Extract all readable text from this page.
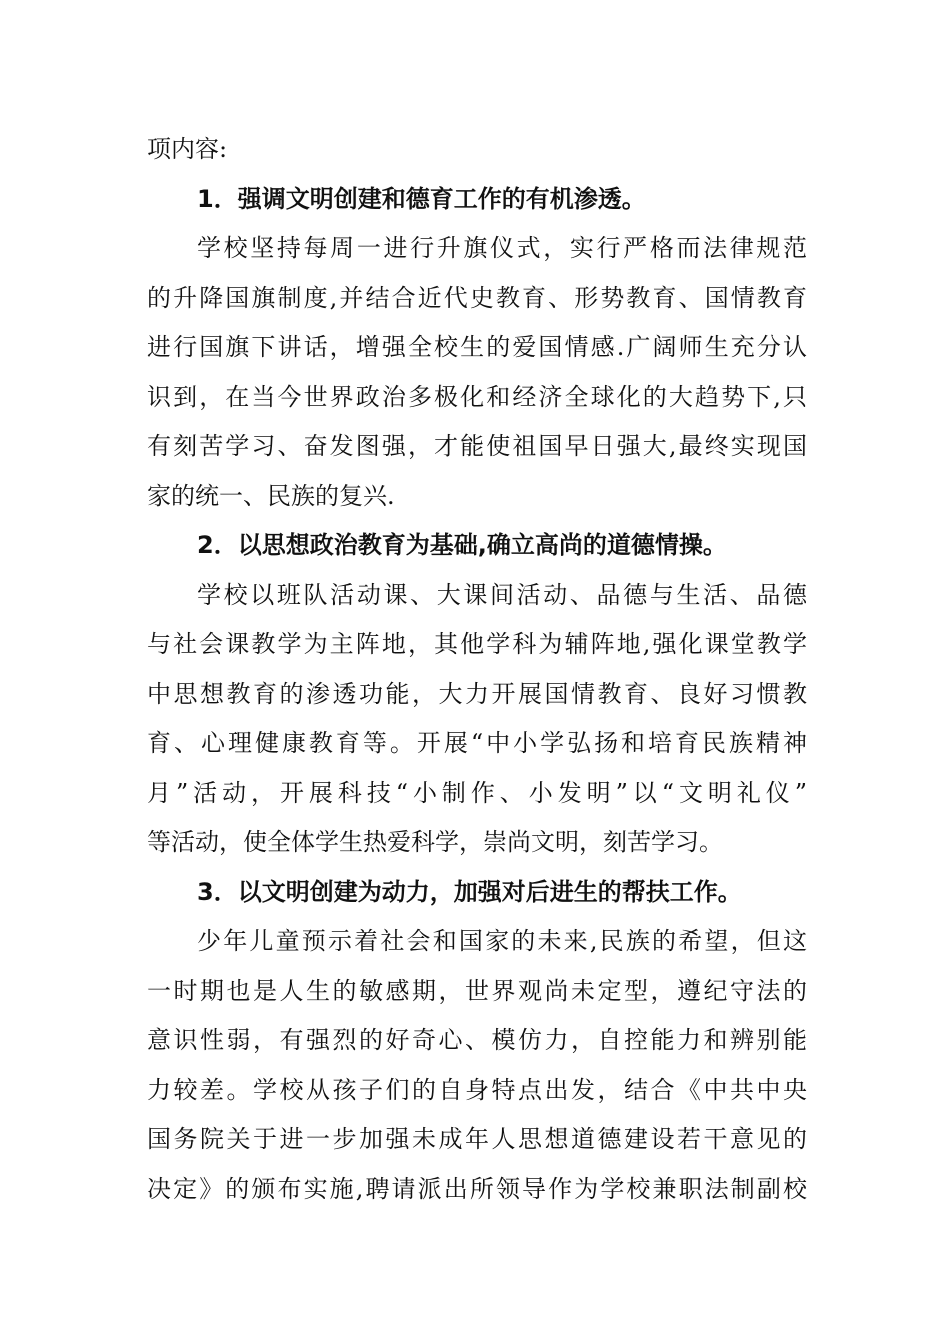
项内容:
1．强调文明创建和德育工作的有机渗透。
学校坚持每周一进行升旗仪式，实行严格而法律规范
的升降国旗制度,并结合近代史教育、形势教育、国情教育
进行国旗下讲话，增强全校生的爱国情感.广阔师生充分认
识到，在当今世界政治多极化和经济全球化的大趋势下,只
有刻苦学习、奋发图强，才能使祖国早日强大,最终实现国
家的统一、民族的复兴.
2．以思想政治教育为基础,确立高尚的道德情操。
学校以班队活动课、大课间活动、品德与生活、品德
与社会课教学为主阵地，其他学科为辅阵地,强化课堂教学
中思想教育的渗透功能，大力开展国情教育、良好习惯教
育、心理健康教育等。开展“中小学弘扬和培育民族精神
月”活动，开展科技“小制作、小发明”以“文明礼仪”
等活动，使全体学生热爱科学，崇尚文明，刻苦学习。
3．以文明创建为动力，加强对后进生的帮扶工作。
少年儿童预示着社会和国家的未来,民族的希望，但这
一时期也是人生的敏感期，世界观尚未定型，遵纪守法的
意识性弱，有强烈的好奇心、模仿力，自控能力和辨别能
力较差。学校从孩子们的自身特点出发，结合《中共中央
国务院关于进一步加强未成年人思想道德建设若干意见的
决定》的颁布实施,聘请派出所领导作为学校兼职法制副校
